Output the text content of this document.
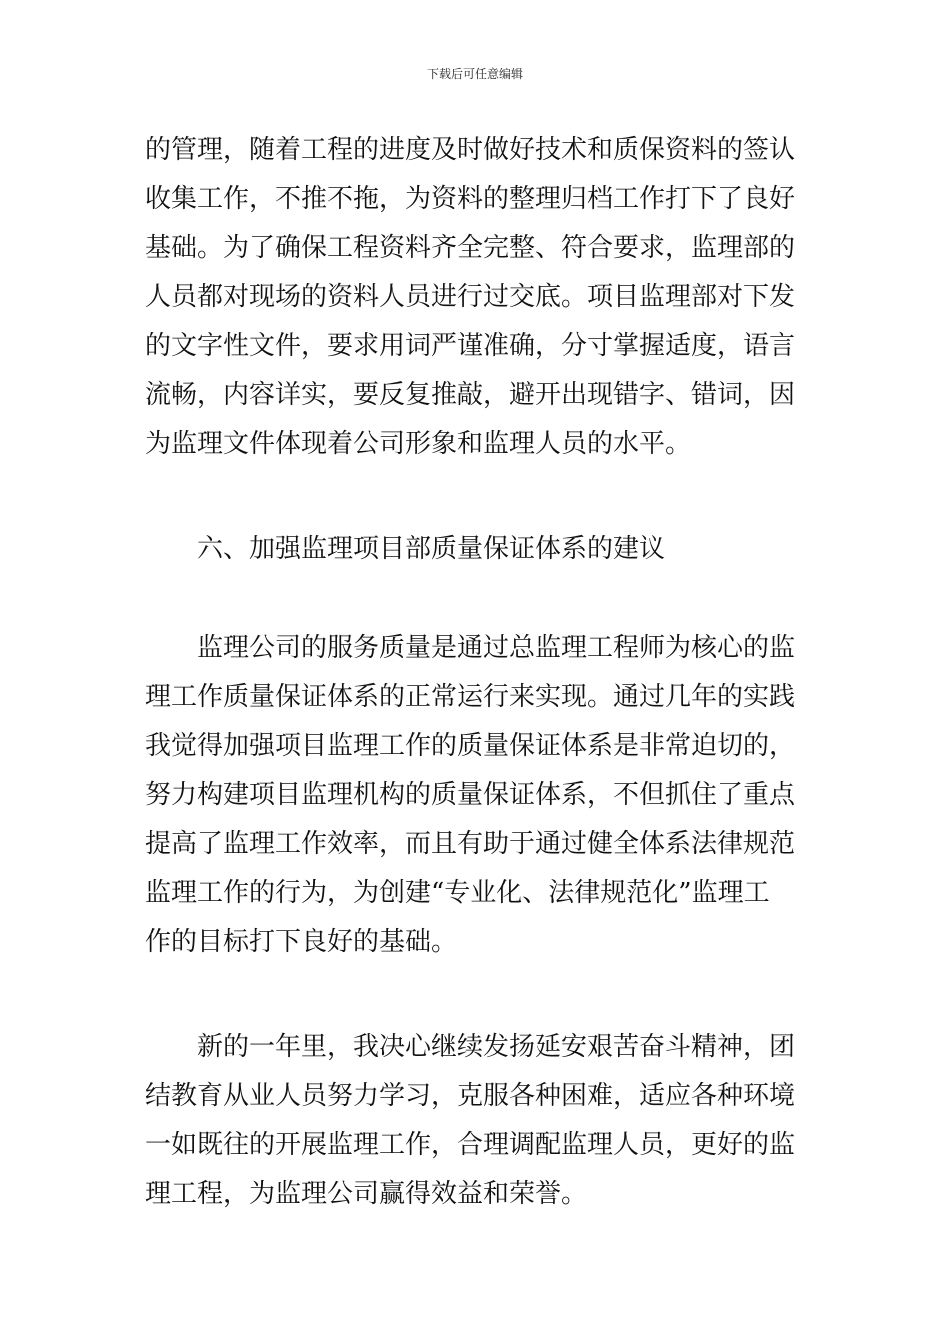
下载后可任意编辑
的管理，随着工程的进度及时做好技术和质保资料的签认
收集工作，不推不拖，为资料的整理归档工作打下了良好
基础。为了确保工程资料齐全完整、符合要求，监理部的
人员都对现场的资料人员进行过交底。项目监理部对下发
的文字性文件，要求用词严谨准确，分寸掌握适度，语言
流畅，内容详实，要反复推敲，避开出现错字、错词，因
为监理文件体现着公司形象和监理人员的水平。
六、加强监理项目部质量保证体系的建议
监理公司的服务质量是通过总监理工程师为核心的监
理工作质量保证体系的正常运行来实现。通过几年的实践
我觉得加强项目监理工作的质量保证体系是非常迫切的，
努力构建项目监理机构的质量保证体系，不但抓住了重点
提高了监理工作效率，而且有助于通过健全体系法律规范
监理工作的行为，为创建“专业化、法律规范化”监理工
作的目标打下良好的基础。
新的一年里，我决心继续发扬延安艰苦奋斗精神，团
结教育从业人员努力学习，克服各种困难，适应各种环境
一如既往的开展监理工作，合理调配监理人员，更好的监
理工程，为监理公司赢得效益和荣誉。
